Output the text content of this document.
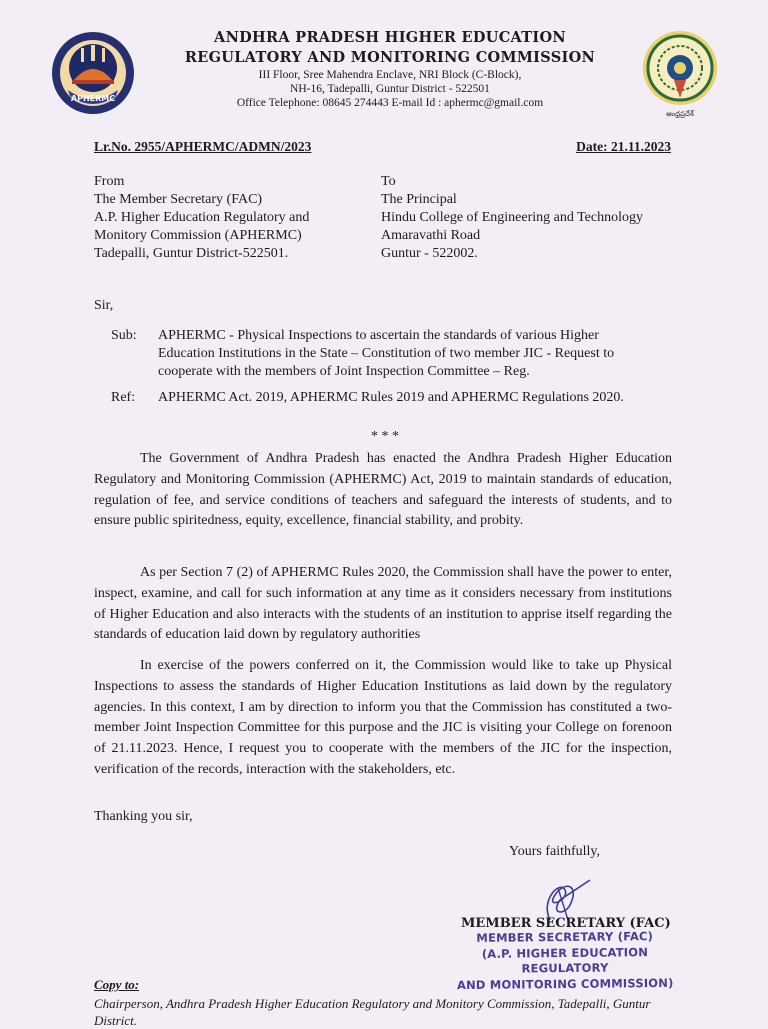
APHERMC
ANDHRA PRADESH HIGHER EDUCATION
REGULATORY AND MONITORING COMMISSION
III Floor, Sree Mahendra Enclave, NRI Block (C-Block),
NH-16, Tadepalli, Guntur District - 522501
Office Telephone: 08645 274443 E-mail Id : aphermc@gmail.com
ఆంధ్రప్రదేశ్
Lr.No. 2955/APHERMC/ADMN/2023	Date: 21.11.2023
From
The Member Secretary (FAC)
A.P. Higher Education Regulatory and
Monitory Commission (APHERMC)
Tadepalli, Guntur District-522501.
To
The Principal
Hindu College of Engineering and Technology
Amaravathi Road
Guntur - 522002.
Sir,
Sub: APHERMC - Physical Inspections to ascertain the standards of various Higher Education Institutions in the State – Constitution of two member JIC - Request to cooperate with the members of Joint Inspection Committee – Reg.
Ref: APHERMC Act. 2019, APHERMC Rules 2019 and APHERMC Regulations 2020.
* * *
The Government of Andhra Pradesh has enacted the Andhra Pradesh Higher Education Regulatory and Monitoring Commission (APHERMC) Act, 2019 to maintain standards of education, regulation of fee, and service conditions of teachers and safeguard the interests of students, and to ensure public spiritedness, equity, excellence, financial stability, and probity.
As per Section 7 (2) of APHERMC Rules 2020, the Commission shall have the power to enter, inspect, examine, and call for such information at any time as it considers necessary from institutions of Higher Education and also interacts with the students of an institution to apprise itself regarding the standards of education laid down by regulatory authorities
In exercise of the powers conferred on it, the Commission would like to take up Physical Inspections to assess the standards of Higher Education Institutions as laid down by the regulatory agencies. In this context, I am by direction to inform you that the Commission has constituted a two-member Joint Inspection Committee for this purpose and the JIC is visiting your College on forenoon of 21.11.2023. Hence, I request you to cooperate with the members of the JIC for the inspection, verification of the records, interaction with the stakeholders, etc.
Thanking you sir,
Yours faithfully,
MEMBER SECRETARY (FAC)
MEMBER SECRETARY (FAC)
(A.P. HIGHER EDUCATION REGULATORY
AND MONITORING COMMISSION)
Copy to:
Chairperson, Andhra Pradesh Higher Education Regulatory and Monitory Commission, Tadepalli, Guntur District.
